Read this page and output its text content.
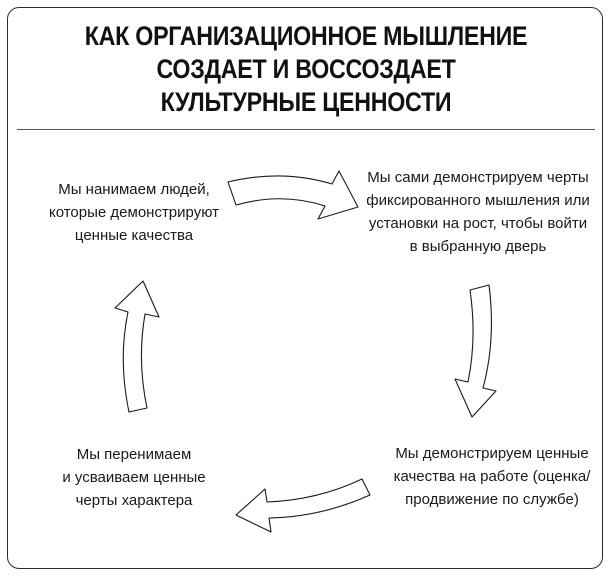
КАК ОРГАНИЗАЦИОННОЕ МЫШЛЕНИЕ
СОЗДАЕТ И ВОССОЗДАЕТ
КУЛЬТУРНЫЕ ЦЕННОСТИ
Мы нанимаем людей,
которые демонстрируют
ценные качества
Мы сами демонстрируем черты
фиксированного мышления или
установки на рост, чтобы войти
в выбранную дверь
Мы демонстрируем ценные
качества на работе (оценка/
продвижение по службе)
Мы перенимаем
и усваиваем ценные
черты характера
